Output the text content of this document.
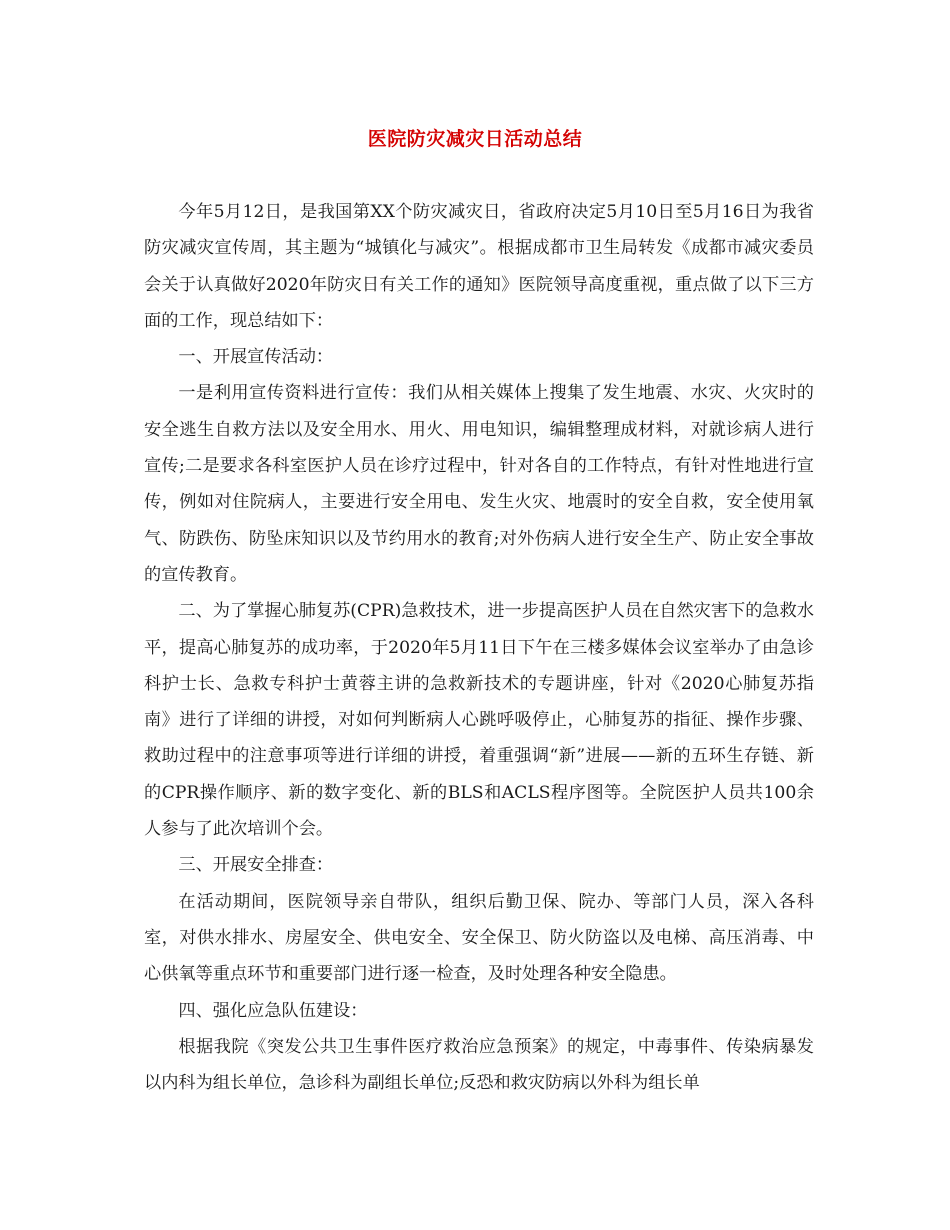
医院防灾减灾日活动总结

今年5月12日，是我国第XX个防灾减灾日，省政府决定5月10日至5月16日为我省防灾减灾宣传周，其主题为“城镇化与减灾”。根据成都市卫生局转发《成都市减灾委员会关于认真做好2020年防灾日有关工作的通知》医院领导高度重视，重点做了以下三方面的工作，现总结如下：

一、开展宣传活动：

一是利用宣传资料进行宣传：我们从相关媒体上搜集了发生地震、水灾、火灾时的安全逃生自救方法以及安全用水、用火、用电知识，编辑整理成材料，对就诊病人进行宣传;二是要求各科室医护人员在诊疗过程中，针对各自的工作特点，有针对性地进行宣传，例如对住院病人，主要进行安全用电、发生火灾、地震时的安全自救，安全使用氧气、防跌伤、防坠床知识以及节约用水的教育;对外伤病人进行安全生产、防止安全事故的宣传教育。

二、为了掌握心肺复苏(CPR)急救技术，进一步提高医护人员在自然灾害下的急救水平，提高心肺复苏的成功率，于2020年5月11日下午在三楼多媒体会议室举办了由急诊科护士长、急救专科护士黄蓉主讲的急救新技术的专题讲座，针对《2020心肺复苏指南》进行了详细的讲授，对如何判断病人心跳呼吸停止，心肺复苏的指征、操作步骤、救助过程中的注意事项等进行详细的讲授，着重强调“新”进展——新的五环生存链、新的CPR操作顺序、新的数字变化、新的BLS和ACLS程序图等。全院医护人员共100余人参与了此次培训个会。

三、开展安全排查：

在活动期间，医院领导亲自带队，组织后勤卫保、院办、等部门人员，深入各科室，对供水排水、房屋安全、供电安全、安全保卫、防火防盗以及电梯、高压消毒、中心供氧等重点环节和重要部门进行逐一检查，及时处理各种安全隐患。

四、强化应急队伍建设：

根据我院《突发公共卫生事件医疗救治应急预案》的规定，中毒事件、传染病暴发以内科为组长单位，急诊科为副组长单位;反恐和救灾防病以外科为组长单
